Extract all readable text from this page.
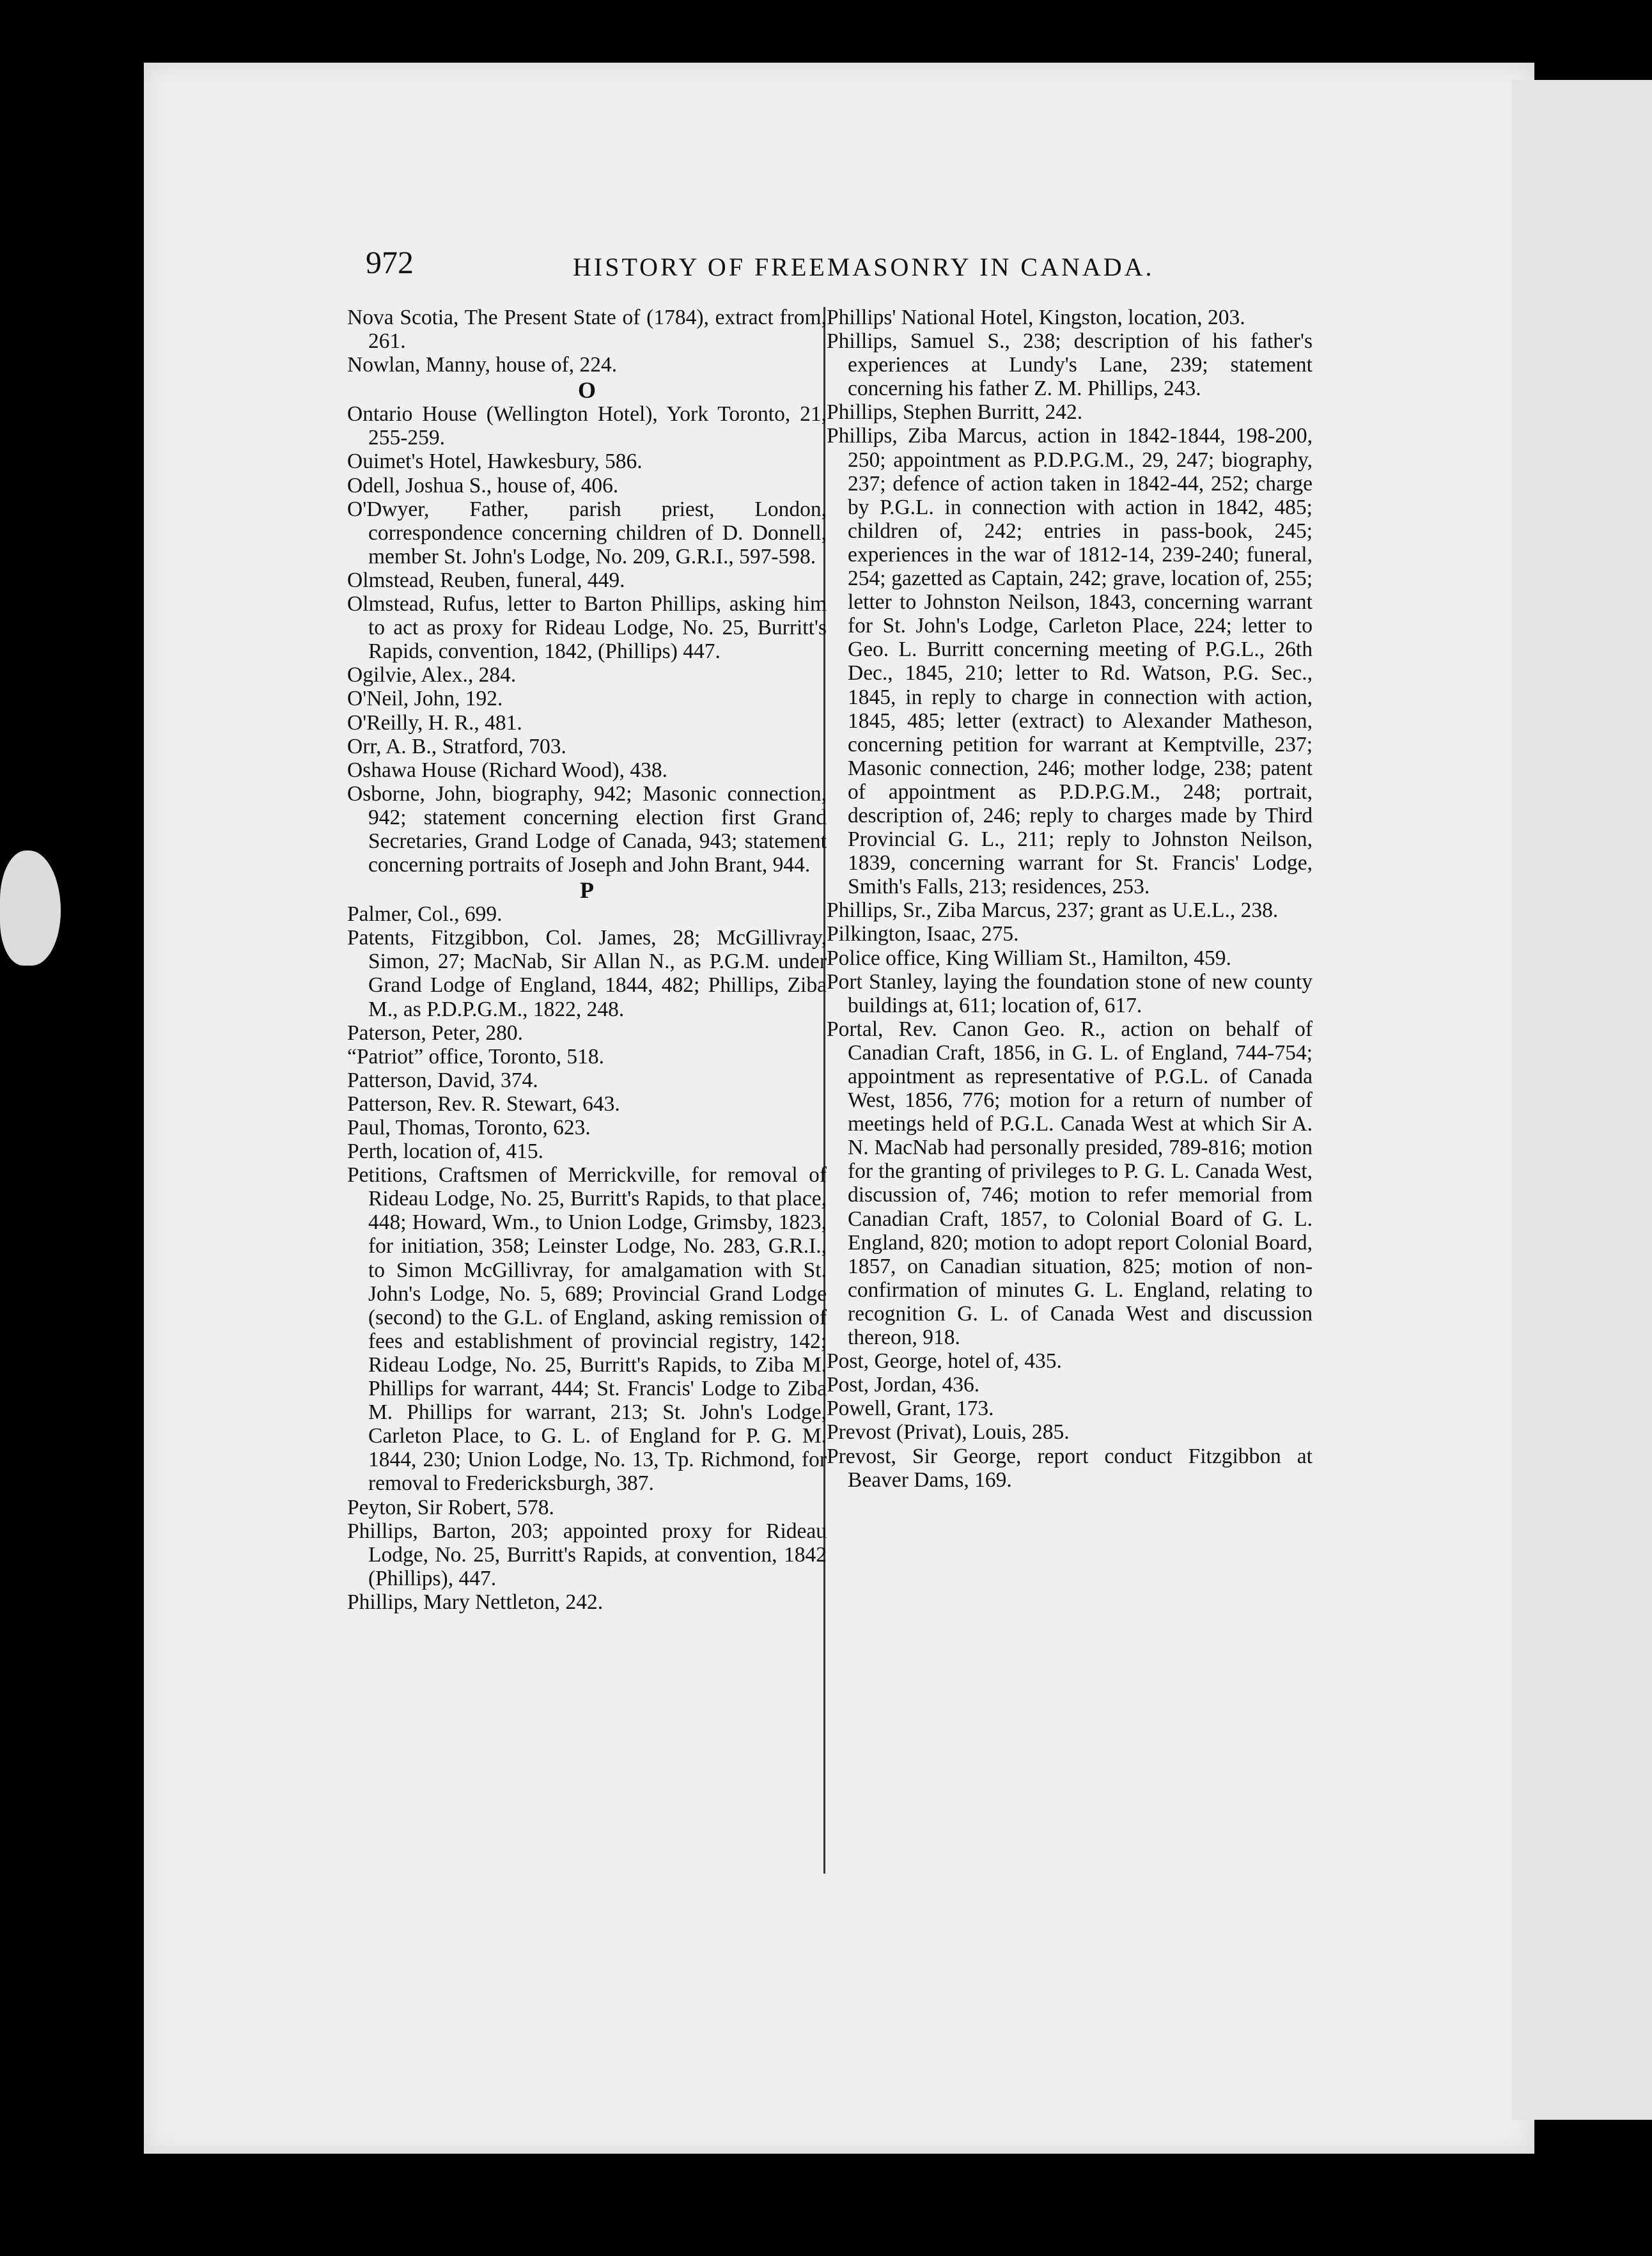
972	HISTORY OF FREEMASONRY IN CANADA.

Nova Scotia, The Present State of (1784), extract from, 261.

Nowlan, Manny, house of, 224.

O

Ontario House (Wellington Hotel), York Toronto, 21, 255-259.

Ouimet's Hotel, Hawkesbury, 586.

Odell, Joshua S., house of, 406.

O'Dwyer, Father, parish priest, London, correspondence concerning children of D. Donnell, member St. John's Lodge, No. 209, G.R.I., 597-598.

Olmstead, Reuben, funeral, 449.

Olmstead, Rufus, letter to Barton Phillips, asking him to act as proxy for Rideau Lodge, No. 25, Burritt's Rapids, convention, 1842, (Phillips) 447.

Ogilvie, Alex., 284.

O'Neil, John, 192.

O'Reilly, H. R., 481.

Orr, A. B., Stratford, 703.

Oshawa House (Richard Wood), 438.

Osborne, John, biography, 942; Masonic connection, 942; statement concerning election first Grand Secretaries, Grand Lodge of Canada, 943; statement concerning portraits of Joseph and John Brant, 944.

P

Palmer, Col., 699.

Patents, Fitzgibbon, Col. James, 28; McGillivray, Simon, 27; MacNab, Sir Allan N., as P.G.M. under Grand Lodge of England, 1844, 482; Phillips, Ziba M., as P.D.P.G.M., 1822, 248.

Paterson, Peter, 280.

“Patriot” office, Toronto, 518.

Patterson, David, 374.

Patterson, Rev. R. Stewart, 643.

Paul, Thomas, Toronto, 623.

Perth, location of, 415.

Petitions, Craftsmen of Merrickville, for removal of Rideau Lodge, No. 25, Burritt's Rapids, to that place, 448; Howard, Wm., to Union Lodge, Grimsby, 1823, for initiation, 358; Leinster Lodge, No. 283, G.R.I., to Simon McGillivray, for amalgamation with St. John's Lodge, No. 5, 689; Provincial Grand Lodge (second) to the G.L. of England, asking remission of fees and establishment of provincial registry, 142; Rideau Lodge, No. 25, Burritt's Rapids, to Ziba M. Phillips for warrant, 444; St. Francis' Lodge to Ziba M. Phillips for warrant, 213; St. John's Lodge, Carleton Place, to G. L. of England for P. G. M. 1844, 230; Union Lodge, No. 13, Tp. Richmond, for removal to Fredericksburgh, 387.

Peyton, Sir Robert, 578.

Phillips, Barton, 203; appointed proxy for Rideau Lodge, No. 25, Burritt's Rapids, at convention, 1842 (Phillips), 447.

Phillips, Mary Nettleton, 242.

Phillips' National Hotel, Kingston, location, 203.

Phillips, Samuel S., 238; description of his father's experiences at Lundy's Lane, 239; statement concerning his father Z. M. Phillips, 243.

Phillips, Stephen Burritt, 242.

Phillips, Ziba Marcus, action in 1842-1844, 198-200, 250; appointment as P.D.P.G.M., 29, 247; biography, 237; defence of action taken in 1842-44, 252; charge by P.G.L. in connection with action in 1842, 485; children of, 242; entries in pass-book, 245; experiences in the war of 1812-14, 239-240; funeral, 254; gazetted as Captain, 242; grave, location of, 255; letter to Johnston Neilson, 1843, concerning warrant for St. John's Lodge, Carleton Place, 224; letter to Geo. L. Burritt concerning meeting of P.G.L., 26th Dec., 1845, 210; letter to Rd. Watson, P.G. Sec., 1845, in reply to charge in connection with action, 1845, 485; letter (extract) to Alexander Matheson, concerning petition for warrant at Kemptville, 237; Masonic connection, 246; mother lodge, 238; patent of appointment as P.D.P.G.M., 248; portrait, description of, 246; reply to charges made by Third Provincial G. L., 211; reply to Johnston Neilson, 1839, concerning warrant for St. Francis' Lodge, Smith's Falls, 213; residences, 253.

Phillips, Sr., Ziba Marcus, 237; grant as U.E.L., 238.

Pilkington, Isaac, 275.

Police office, King William St., Hamilton, 459.

Port Stanley, laying the foundation stone of new county buildings at, 611; location of, 617.

Portal, Rev. Canon Geo. R., action on behalf of Canadian Craft, 1856, in G. L. of England, 744-754; appointment as representative of P.G.L. of Canada West, 1856, 776; motion for a return of number of meetings held of P.G.L. Canada West at which Sir A. N. MacNab had personally presided, 789-816; motion for the granting of privileges to P. G. L. Canada West, discussion of, 746; motion to refer memorial from Canadian Craft, 1857, to Colonial Board of G. L. England, 820; motion to adopt report Colonial Board, 1857, on Canadian situation, 825; motion of non-confirmation of minutes G. L. England, relating to recognition G. L. of Canada West and discussion thereon, 918.

Post, George, hotel of, 435.

Post, Jordan, 436.

Powell, Grant, 173.

Prevost (Privat), Louis, 285.

Prevost, Sir George, report conduct Fitzgibbon at Beaver Dams, 169.
